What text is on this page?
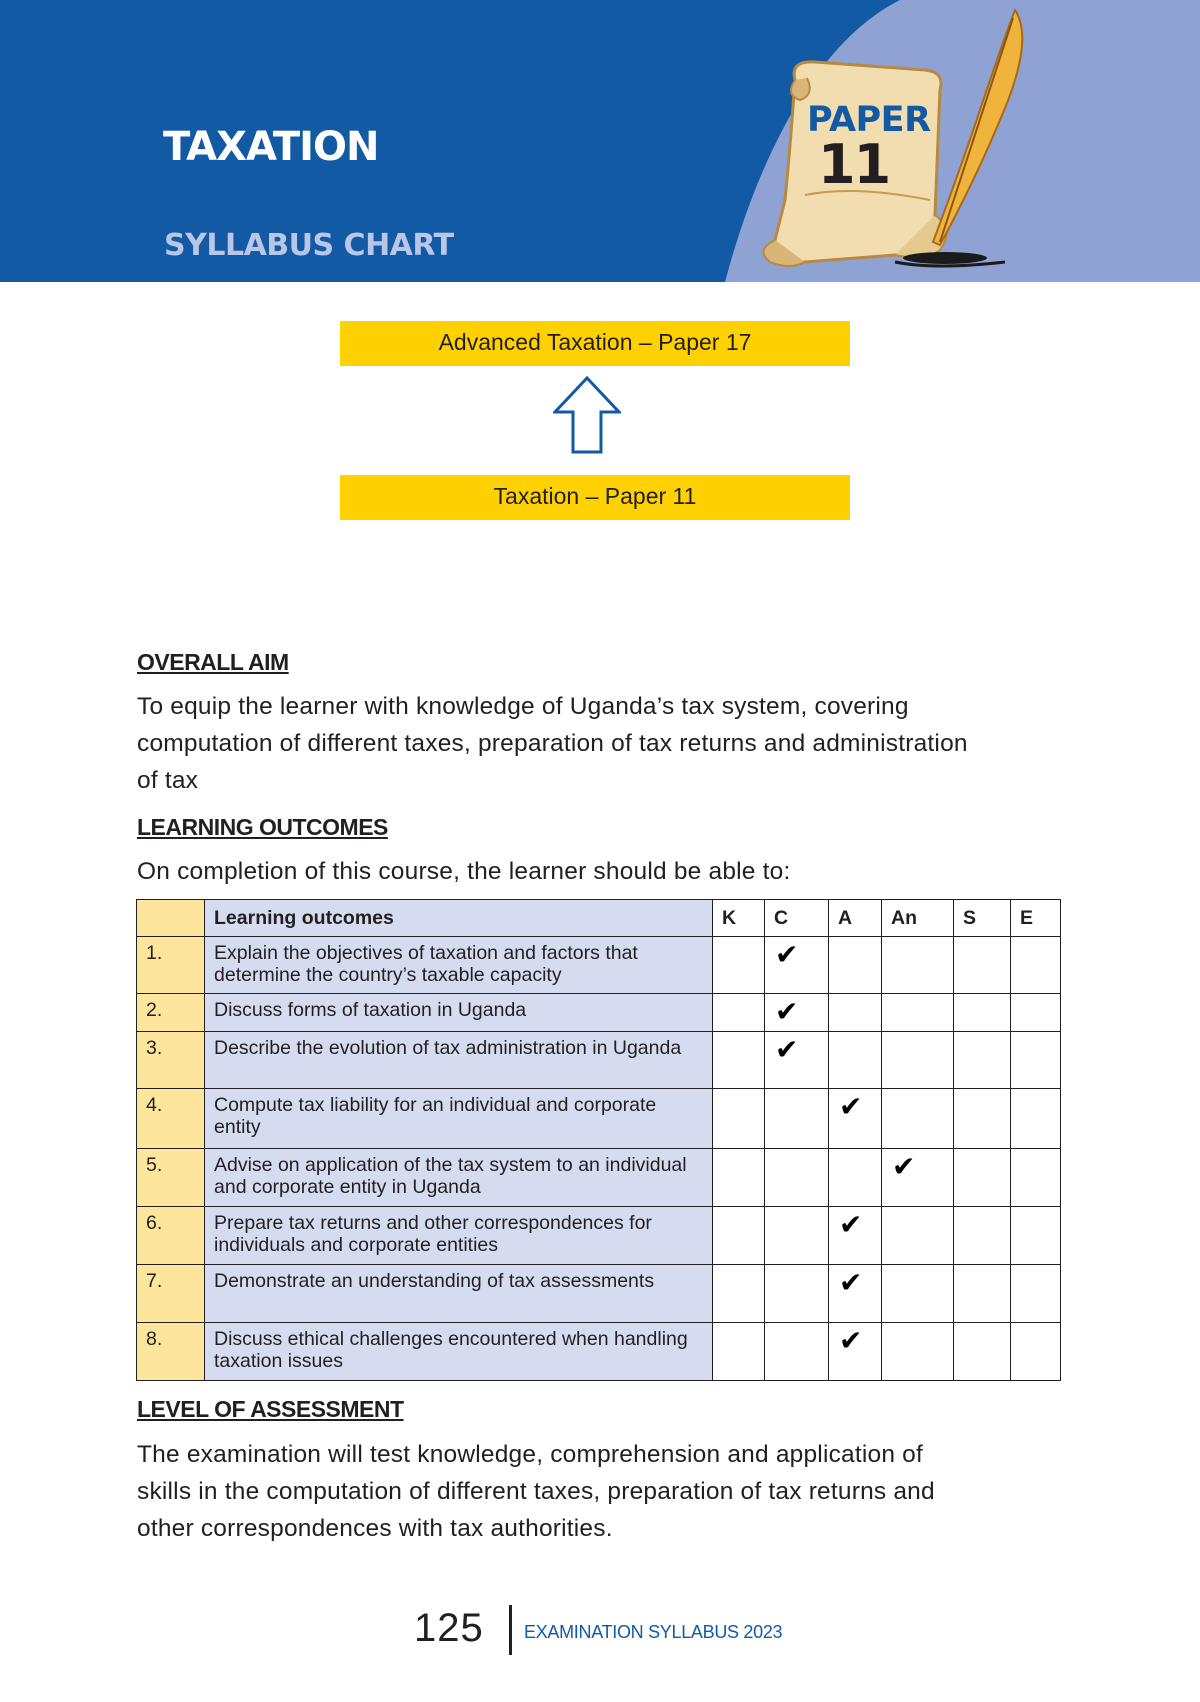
TAXATION
SYLLABUS CHART
PAPER
11
Advanced Taxation – Paper 17
Taxation – Paper 11
OVERALL AIM
To equip the learner with knowledge of Uganda’s tax system, covering
computation of different taxes, preparation of tax returns and administration
of tax
LEARNING OUTCOMES
On completion of this course, the learner should be able to:
	Learning outcomes	K	C	A	An	S	E
1.	Explain the objectives of taxation and factors that determine the country’s taxable capacity		✔				
2.	Discuss forms of taxation in Uganda		✔				
3.	Describe the evolution of tax administration in Uganda		✔				
4.	Compute tax liability for an individual and corporate entity			✔			
5.	Advise on application of the tax system to an individual and corporate entity in Uganda				✔		
6.	Prepare tax returns and other correspondences for individuals and corporate entities			✔			
7.	Demonstrate an understanding of tax assessments			✔			
8.	Discuss ethical challenges encountered when handling taxation issues			✔			
LEVEL OF ASSESSMENT
The examination will test knowledge, comprehension and application of
skills in the computation of different taxes, preparation of tax returns and
other correspondences with tax authorities.
125 EXAMINATION SYLLABUS 2023
